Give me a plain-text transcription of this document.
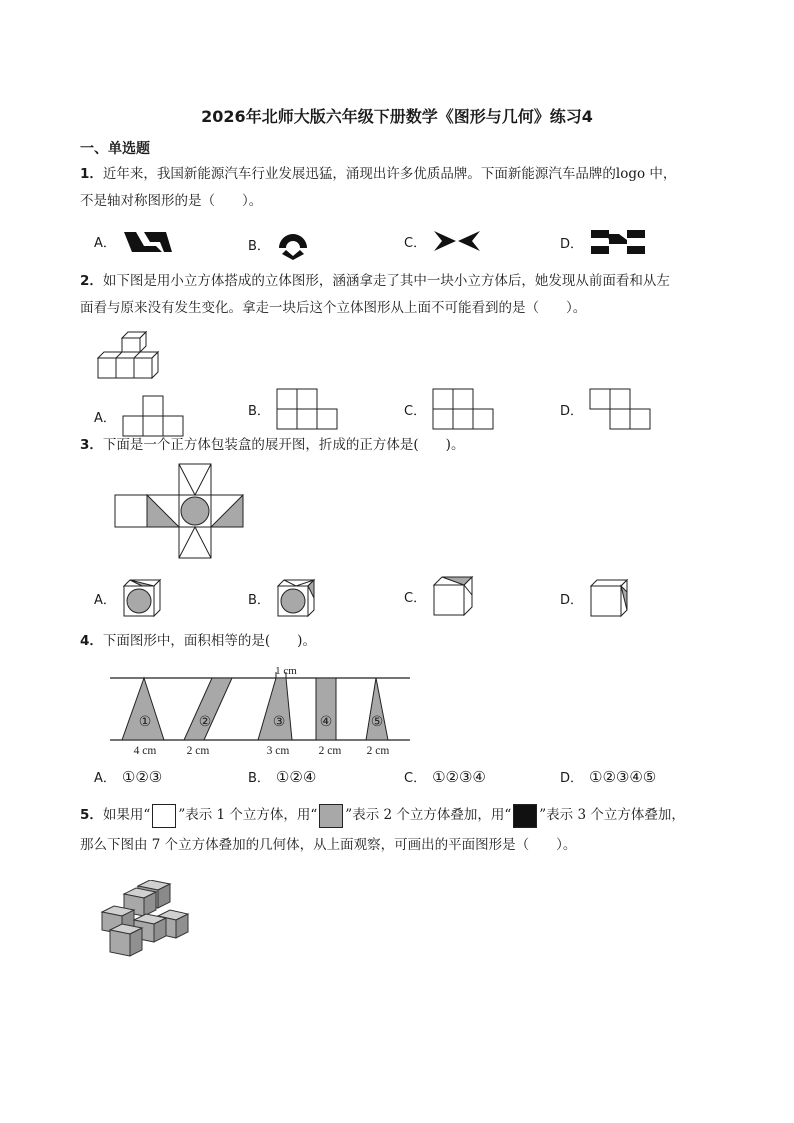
2026年北师大版六年级下册数学《图形与几何》练习4
一、单选题
1．近年来，我国新能源汽车行业发展迅猛，涌现出许多优质品牌。下面新能源汽车品牌的logo 中，
不是轴对称图形的是（　　）。
A．	B．	C．	D．
2．如下图是用小立方体搭成的立体图形，涵涵拿走了其中一块小立方体后，她发现从前面看和从左
面看与原来没有发生变化。拿走一块后这个立体图形从上面不可能看到的是（　　）。
A．	B．	C．	D．
3．下面是一个正方体包装盒的展开图，折成的正方体是(　　)。
A．	B．	C．	D．
4．下面图形中，面积相等的是(　　)。
1 cm
①	②	③ ④	⑤
4 cm	2 cm	3 cm	2 cm 2 cm
A． ①②③	B． ①②④	C． ①②③④	D． ①②③④⑤
5．如果用“ ”表示 1 个立方体，用“ ”表示 2 个立方体叠加，用“ ”表示 3 个立方体叠加，
那么下图由 7 个立方体叠加的几何体，从上面观察，可画出的平面图形是（　　）。
